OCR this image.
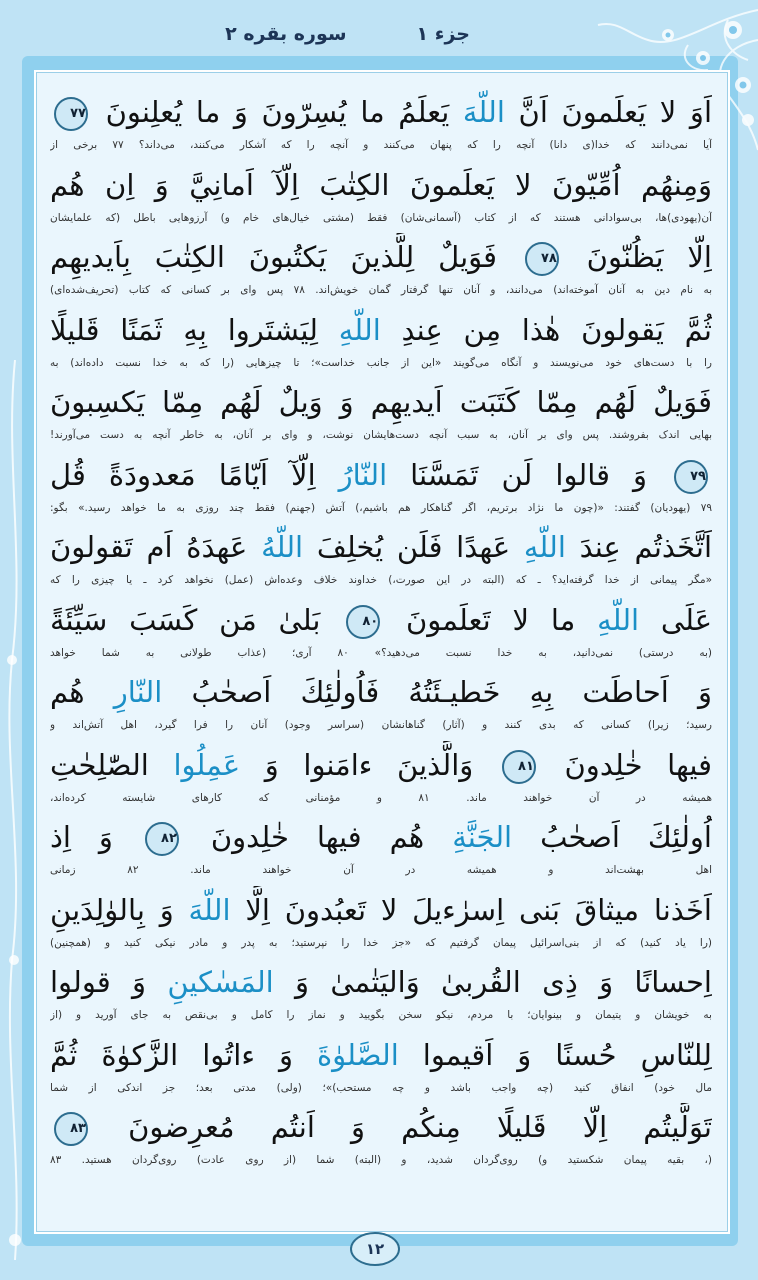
جزء ۱
سوره بقره ۲
اَوَ لا يَعلَمونَ اَنَّ اللّهَ يَعلَمُ ما يُسِرّونَ وَ ما يُعلِنونَ ۷۷
آیا نمی‌دانند که خدا(ی دانا) آنچه را که پنهان می‌کنند و آنچه را که آشکار می‌کنند، می‌داند؟ ۷۷ برخی از
وَمِنهُم اُمِّيّونَ لا يَعلَمونَ الكِتٰبَ اِلّآ اَمانِيَّ وَ اِن هُم
آن(یهودی)ها، بی‌سوادانی هستند که از کتاب (آسمانی‌شان) فقط (مشتی خیال‌های خام و) آرزوهایی باطل (که علمایشان
اِلّا يَظُنّونَ ۷۸ فَوَيلٌ لِلَّذينَ يَكتُبونَ الكِتٰبَ بِاَيديهِم
به نام دین به آنان آموخته‌اند) می‌دانند، و آنان تنها گرفتار گمان خویش‌اند. ۷۸ پس وای بر کسانی که کتاب (تحریف‌شده‌ای)
ثُمَّ يَقولونَ هٰذا مِن عِندِ اللّهِ لِيَشتَروا بِهِ ثَمَنًا قَليلًا
را با دست‌های خود می‌نویسند و آنگاه می‌گویند «این از جانب خداست»؛ تا چیزهایی (را که به خدا نسبت داده‌اند) به
فَوَيلٌ لَهُم مِمّا كَتَبَت اَيديهِم وَ وَيلٌ لَهُم مِمّا يَكسِبونَ
بهایی اندک بفروشند. پس وای بر آنان، به سبب آنچه دست‌هایشان نوشت، و وای بر آنان، به خاطر آنچه به دست می‌آورند!
۷۹ وَ قالوا لَن تَمَسَّنَا النّارُ اِلّآ اَيّامًا مَعدودَةً قُل
۷۹ (یهودیان) گفتند: «(چون ما نژاد برتریم، اگر گناهکار هم باشیم،) آتش (جهنم) فقط چند روزی به ما خواهد رسید.» بگو:
اَتَّخَذتُم عِندَ اللّهِ عَهدًا فَلَن يُخلِفَ اللّهُ عَهدَهُ اَم تَقولونَ
«مگر پیمانی از خدا گرفته‌اید؟ ـ که (البته در این صورت،) خداوند خلاف وعده‌اش (عمل) نخواهد کرد ـ یا چیزی را که
عَلَى اللّهِ ما لا تَعلَمونَ ۸۰ بَلىٰ مَن كَسَبَ سَيِّئَةً
(به درستی) نمی‌دانید، به خدا نسبت می‌دهید؟» ۸۰ آری؛ (عذاب طولانی به شما خواهد
وَ اَحاطَت بِهِ خَطيـئَتُهُ فَاُولٰئِكَ اَصحٰبُ النّارِ هُم
رسید؛ زیرا) کسانی که بدی کنند و (آثار) گناهانشان (سراسر وجود) آنان را فرا گیرد، اهل آتش‌اند و
فيها خٰلِدونَ ۸۱ وَالَّذينَ ءامَنوا وَ عَمِلُوا الصّٰلِحٰتِ
همیشه در آن خواهند ماند. ۸۱ و مؤمنانی که کارهای شایسته کرده‌اند،
اُولٰئِكَ اَصحٰبُ الجَنَّةِ هُم فيها خٰلِدونَ ۸۲ وَ اِذ
اهل بهشت‌اند و همیشه در آن خواهند ماند. ۸۲ زمانی
اَخَذنا ميثاقَ بَنى اِسرٰءيلَ لا تَعبُدونَ اِلَّا اللّهَ وَ بِالوٰلِدَينِ
(را یاد کنید) که از بنی‌اسرائیل پیمان گرفتیم که «جز خدا را نپرستید؛ به پدر و مادر نیکی کنید و (همچنین)
اِحسانًا وَ ذِى القُربىٰ وَاليَتٰمىٰ وَ المَسٰكينِ وَ قولوا
به خویشان و یتیمان و بینوایان؛ با مردم، نیکو سخن بگویید و نماز را کامل و بی‌نقص به جای آورید و (از
لِلنّاسِ حُسنًا وَ اَقيموا الصَّلوٰةَ وَ ءاتُوا الزَّكوٰةَ ثُمَّ
مال خود) انفاق کنید (چه واجب باشد و چه مستحب)»؛ (ولی) مدتی بعد؛ جز اندکی از شما
تَوَلَّيتُم اِلّا قَليلًا مِنكُم وَ اَنتُم مُعرِضونَ ۸۳
(، بقیه پیمان شکستید و) روی‌گردان شدید، و (البته) شما (از روی عادت) روی‌گردان هستید. ۸۳
۱۲
